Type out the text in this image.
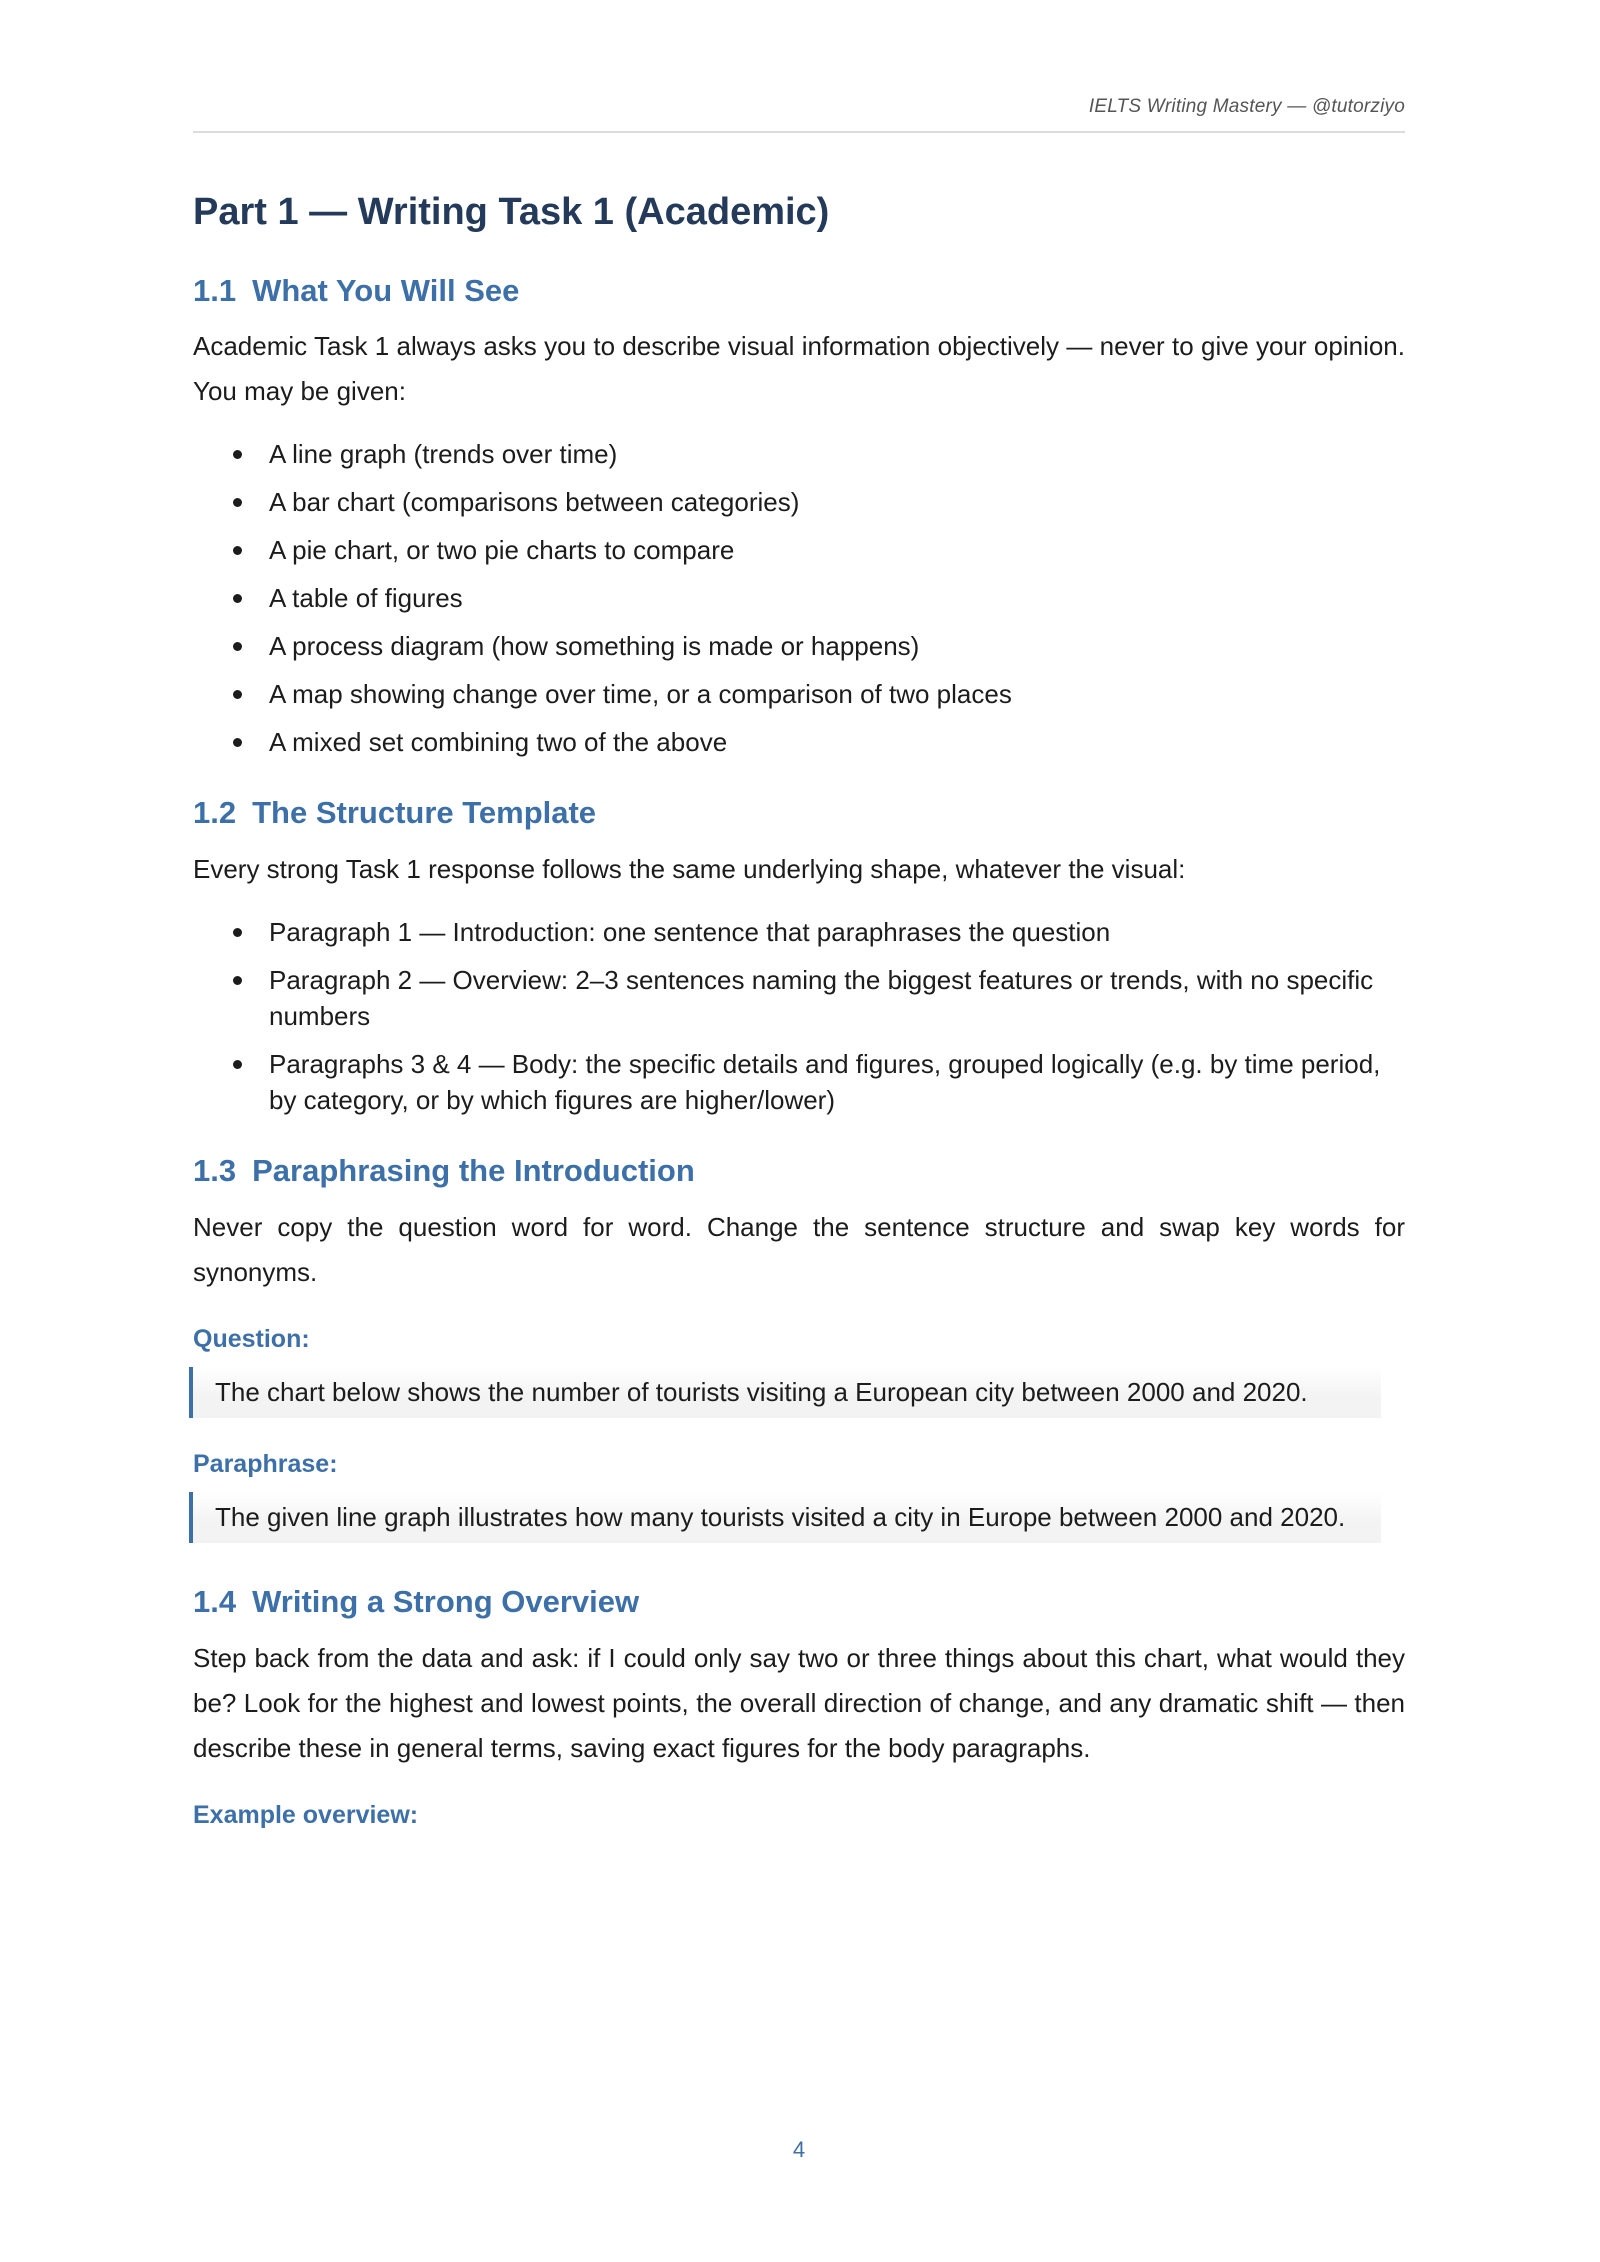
IELTS Writing Mastery — @tutorziyo
Part 1 — Writing Task 1 (Academic)
1.1 What You Will See

Academic Task 1 always asks you to describe visual information objectively — never to give your opinion. You may be given:

A line graph (trends over time)
A bar chart (comparisons between categories)
A pie chart, or two pie charts to compare
A table of figures
A process diagram (how something is made or happens)
A map showing change over time, or a comparison of two places
A mixed set combining two of the above
1.2 The Structure Template

Every strong Task 1 response follows the same underlying shape, whatever the visual:

Paragraph 1 — Introduction: one sentence that paraphrases the question
Paragraph 2 — Overview: 2–3 sentences naming the biggest features or trends, with no specific numbers
Paragraphs 3 & 4 — Body: the specific details and figures, grouped logically (e.g. by time period, by category, or by which figures are higher/lower)
1.3 Paraphrasing the Introduction

Never copy the question word for word. Change the sentence structure and swap key words for synonyms.

Question:
The chart below shows the number of tourists visiting a European city between 2000 and 2020.
Paraphrase:
The given line graph illustrates how many tourists visited a city in Europe between 2000 and 2020.
1.4 Writing a Strong Overview

Step back from the data and ask: if I could only say two or three things about this chart, what would they be? Look for the highest and lowest points, the overall direction of change, and any dramatic shift — then describe these in general terms, saving exact figures for the body paragraphs.

Example overview:
4
